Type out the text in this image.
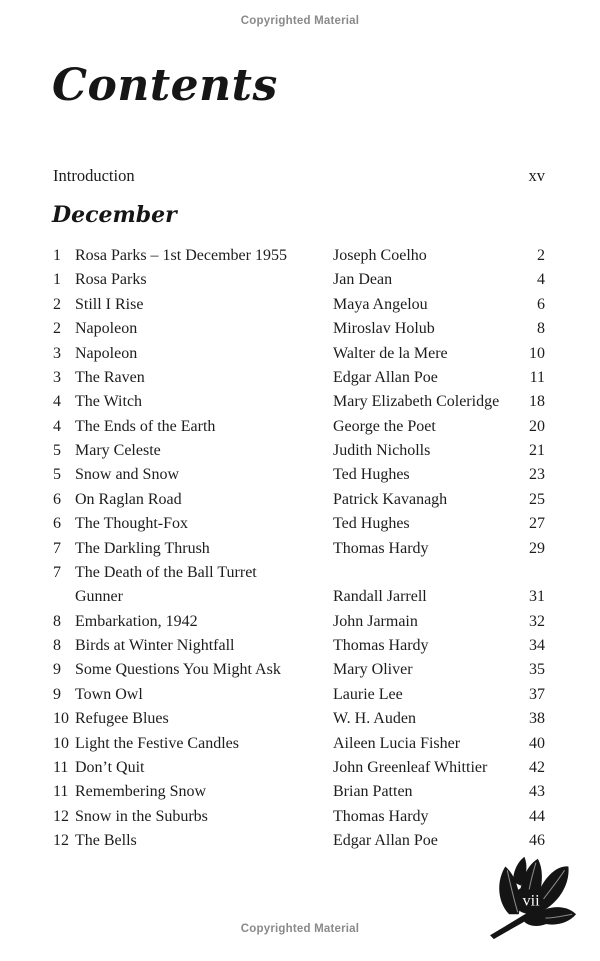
Copyrighted Material
Contents
Introduction	xv
December
1 Rosa Parks – 1st December 1955	Joseph Coelho	2
1 Rosa Parks	Jan Dean	4
2 Still I Rise	Maya Angelou	6
2 Napoleon	Miroslav Holub	8
3 Napoleon	Walter de la Mere	10
3 The Raven	Edgar Allan Poe	11
4 The Witch	Mary Elizabeth Coleridge	18
4 The Ends of the Earth	George the Poet	20
5 Mary Celeste	Judith Nicholls	21
5 Snow and Snow	Ted Hughes	23
6 On Raglan Road	Patrick Kavanagh	25
6 The Thought-Fox	Ted Hughes	27
7 The Darkling Thrush	Thomas Hardy	29
7 The Death of the Ball Turret
Gunner	Randall Jarrell	31
8 Embarkation, 1942	John Jarmain	32
8 Birds at Winter Nightfall	Thomas Hardy	34
9 Some Questions You Might Ask	Mary Oliver	35
9 Town Owl	Laurie Lee	37
10 Refugee Blues	W. H. Auden	38
10 Light the Festive Candles	Aileen Lucia Fisher	40
11 Don’t Quit	John Greenleaf Whittier	42
11 Remembering Snow	Brian Patten	43
12 Snow in the Suburbs	Thomas Hardy	44
12 The Bells	Edgar Allan Poe	46
vii
Copyrighted Material
